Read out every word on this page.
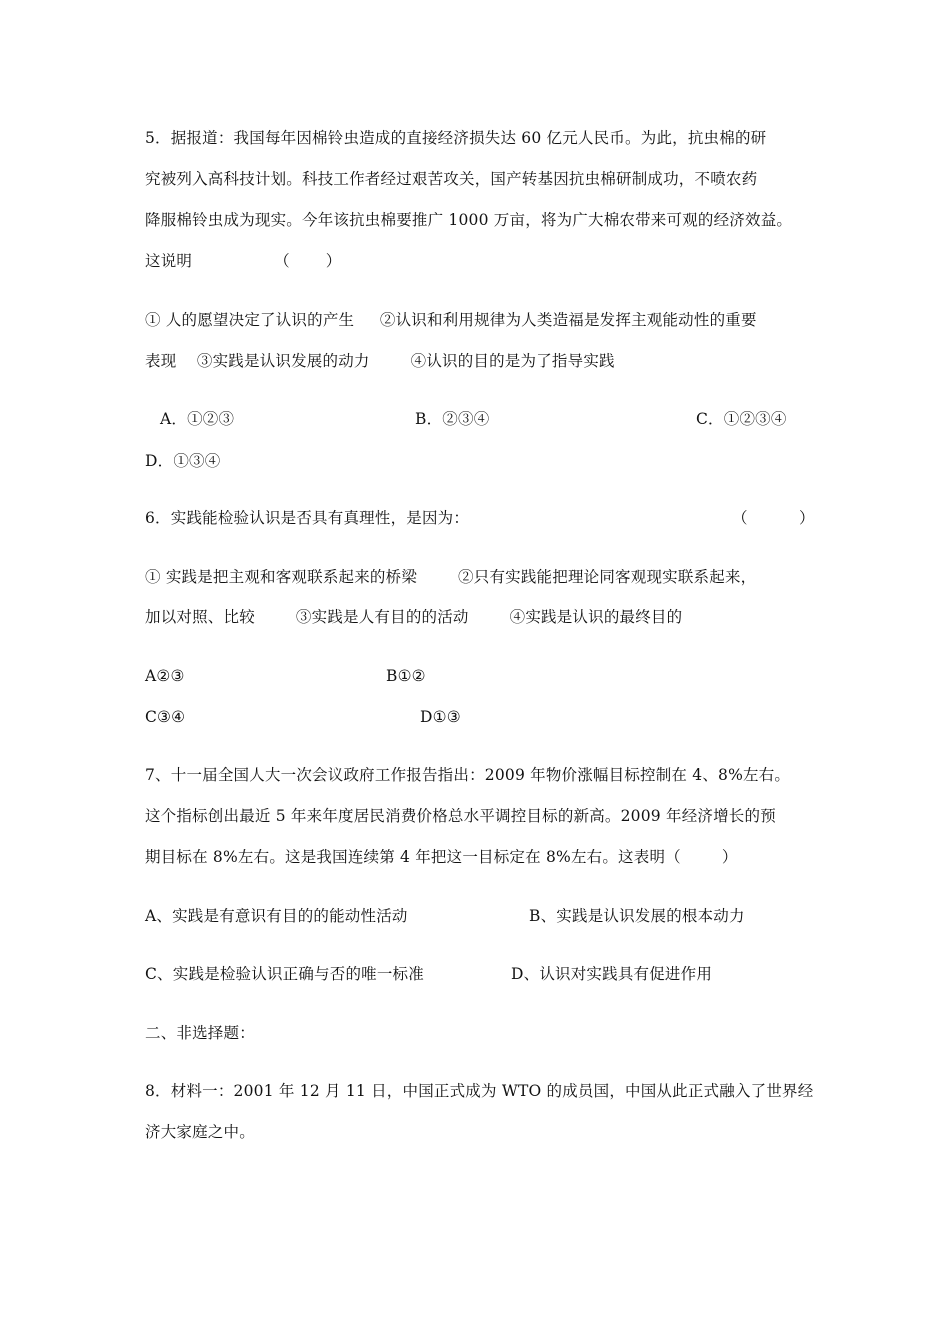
5．据报道：我国每年因棉铃虫造成的直接经济损失达 60 亿元人民币。为此，抗虫棉的研
究被列入高科技计划。科技工作者经过艰苦攻关，国产转基因抗虫棉研制成功，不喷农药
降服棉铃虫成为现实。今年该抗虫棉要推广 1000 万亩，将为广大棉农带来可观的经济效益。
这说明                （       ）
① 人的愿望决定了认识的产生     ②认识和利用规律为人类造福是发挥主观能动性的重要
表现    ③实践是认识发展的动力        ④认识的目的是为了指导实践
A．①②③	B．②③④	C．①②③④
D．①③④
6．实践能检验认识是否具有真理性，是因为：	（          ）
① 实践是把主观和客观联系起来的桥梁        ②只有实践能把理论同客观现实联系起来，
加以对照、比较        ③实践是人有目的的活动        ④实践是认识的最终目的
A②③	B①②
C③④	D①③
7、十一届全国人大一次会议政府工作报告指出：2009 年物价涨幅目标控制在 4、8%左右。
这个指标创出最近 5 年来年度居民消费价格总水平调控目标的新高。2009 年经济增长的预
期目标在 8%左右。这是我国连续第 4 年把这一目标定在 8%左右。这表明（        ）
A、实践是有意识有目的的能动性活动	B、实践是认识发展的根本动力
C、实践是检验认识正确与否的唯一标准	D、认识对实践具有促进作用
二、非选择题：
8．材料一：2001 年 12 月 11 日，中国正式成为 WTO 的成员国，中国从此正式融入了世界经
济大家庭之中。
